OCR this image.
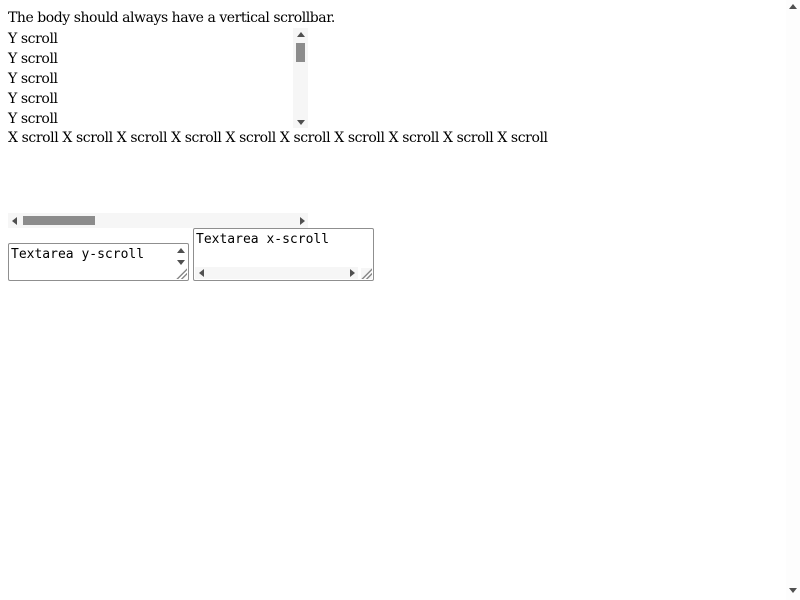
The body should always have a vertical scrollbar.
Y scroll
Y scroll
Y scroll
Y scroll
Y scroll
X scroll X scroll X scroll X scroll X scroll X scroll X scroll X scroll X scroll X scroll
Textarea y-scroll
Textarea x-scroll
